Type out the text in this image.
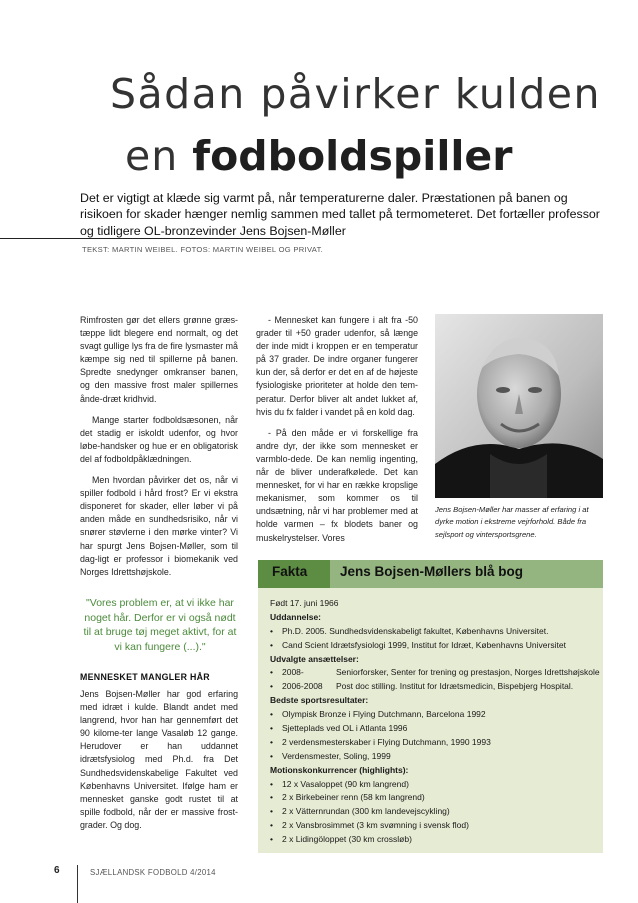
Sådan påvirker kulden
en fodboldspiller
Det er vigtigt at klæde sig varmt på, når temperaturerne daler. Præstationen på banen og risikoen for skader hænger nemlig sammen med tallet på termometeret. Det fortæller professor og tidligere OL-bronzevinder Jens Bojsen-Møller
TEKST: MARTIN WEIBEL. FOTOS: MARTIN WEIBEL OG PRIVAT.

Rimfrosten gør det ellers grønne græs-tæppe lidt blegere end normalt, og det svagt gullige lys fra de fire lysmaster må kæmpe sig ned til spillerne på banen. Spredte snedynger omkranser banen, og den massive frost maler spillernes ånde-dræt kridhvid.

Mange starter fodboldsæsonen, når det stadig er iskoldt udenfor, og hvor løbe-handsker og hue er en obligatorisk del af fodboldpåklædningen.

Men hvordan påvirker det os, når vi spiller fodbold i hård frost? Er vi ekstra disponeret for skader, eller løber vi på anden måde en sundhedsrisiko, når vi snører støvlerne i den mørke vinter? Vi har spurgt Jens Bojsen-Møller, som til dag-ligt er professor i biomekanik ved Norges Idrettshøjskole.

"Vores problem er, at vi ikke har noget hår. Derfor er vi også nødt til at bruge tøj meget aktivt, for at vi kan fungere (...)."
MENNESKET MANGLER HÅR

Jens Bojsen-Møller har god erfaring med idræt i kulde. Blandt andet med langrend, hvor han har gennemført det 90 kilome-ter lange Vasaløb 12 gange. Herudover er han uddannet idrætsfysiolog med Ph.d. fra Det Sundhedsvidenskabelige Fakultet ved Københavns Universitet. Ifølge ham er mennesket ganske godt rustet til at spille fodbold, når der er massive frost-grader. Og dog.

- Mennesket kan fungere i alt fra -50 grader til +50 grader udenfor, så længe der inde midt i kroppen er en temperatur på 37 grader. De indre organer fungerer kun der, så derfor er det en af de højeste fysiologiske prioriteter at holde den tem-peratur. Derfor bliver alt andet lukket af, hvis du fx falder i vandet på en kold dag.

- På den måde er vi forskellige fra andre dyr, der ikke som mennesket er varmblo-dede. De kan nemlig ingenting, når de bliver underafkølede. Det kan mennesket, for vi har en række kropslige mekanismer, som kommer os til undsætning, når vi har problemer med at holde varmen – fx blodets baner og muskelrystelser. Vores

Jens Bojsen-Møller har masser af erfaring i at dyrke motion i ekstreme vejrforhold. Både fra sejlsport og vintersportsgrene.
Fakta Jens Bojsen-Møllers blå bog
Født 17. juni 1966
Uddannelse:
• Ph.D. 2005. Sundhedsvidenskabeligt fakultet, Københavns Universitet.
• Cand Scient Idrætsfysiologi 1999, Institut for Idræt, Københavns Universitet
Udvalgte ansættelser:
• 2008-	Seniorforsker, Senter for trening og prestasjon, Norges Idrettshøjskole
• 2006-2008 Post doc stilling. Institut for Idrætsmedicin, Bispebjerg Hospital.
Bedste sportsresultater:
• Olympisk Bronze i Flying Dutchmann, Barcelona 1992
• Sjetteplads ved OL i Atlanta 1996
• 2 verdensmesterskaber i Flying Dutchmann, 1990 1993
• Verdensmester, Soling, 1999
Motionskonkurrencer (highlights):
• 12 x Vasaloppet (90 km langrend)
• 2 x Birkebeiner renn (58 km langrend)
• 2 x Vätternrundan (300 km landevejscykling)
• 2 x Vansbrosimmet (3 km svømning i svensk flod)
• 2 x Lidingöloppet (30 km crossløb)
6	SJÆLLANDSK FODBOLD 4/2014
